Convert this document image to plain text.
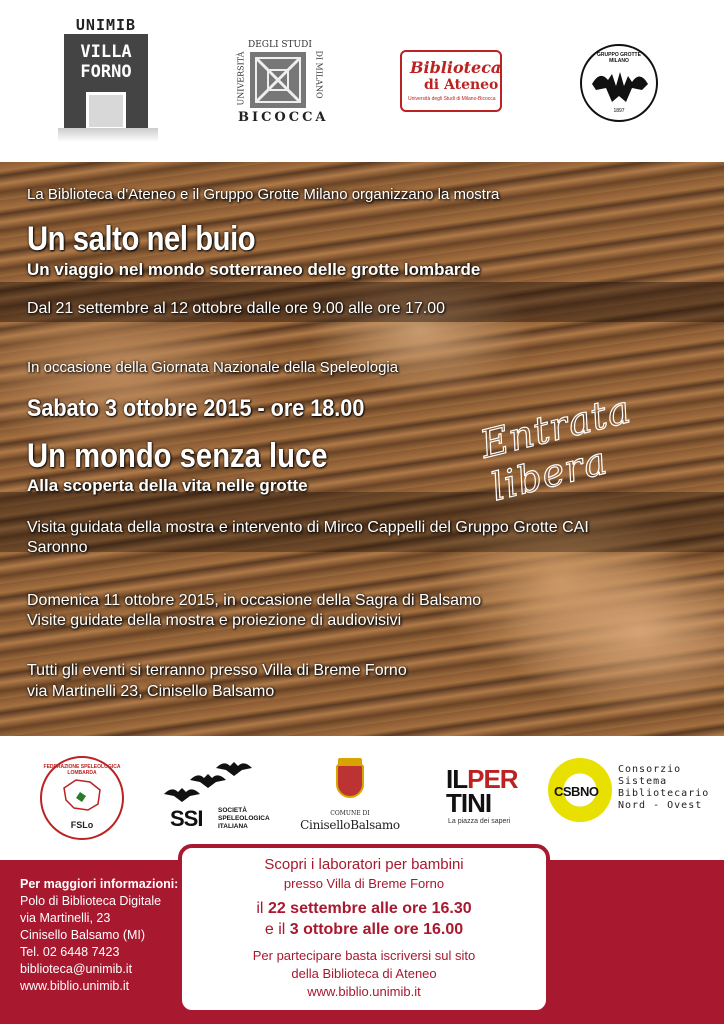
UNIMIB
VILLA
FORNO
DEGLI STUDI
UNIVERSITÀ	DI MILANO
BICOCCA
Biblioteca
di Ateneo
Università degli Studi di Milano-Bicocca
GRUPPO GROTTE MILANO
1897
La Biblioteca d'Ateneo e il Gruppo Grotte Milano organizzano la mostra
Un salto nel buio
Un viaggio nel mondo sotterraneo delle grotte lombarde
Dal 21 settembre al 12 ottobre dalle ore 9.00 alle ore 17.00
In occasione della Giornata Nazionale della Speleologia
Sabato 3 ottobre 2015 - ore 18.00
Un mondo senza luce
Alla scoperta della vita nelle grotte
Visita guidata della mostra e intervento di Mirco Cappelli del Gruppo Grotte CAI
Saronno
Domenica 11 ottobre 2015, in occasione della Sagra di Balsamo
Visite guidate della mostra e proiezione di audiovisivi
Tutti gli eventi si terranno presso Villa di Breme Forno
via Martinelli 23, Cinisello Balsamo
Entrata libera
FEDERAZIONE SPELEOLOGICA LOMBARDA
FSLo	SSI SOCIETÀ
SPELEOLOGICA
ITALIANA
COMUNE DI
CiniselloBalsamo
ILPER
TINI
La piazza dei saperi
CSBNO
Consorzio
Sistema
Bibliotecario
Nord - Ovest
Per maggiori informazioni:
Polo di Biblioteca Digitale
via Martinelli, 23
Cinisello Balsamo (MI)
Tel. 02 6448 7423
biblioteca@unimib.it
www.biblio.unimib.it
Scopri i laboratori per bambini
presso Villa di Breme Forno
il 22 settembre alle ore 16.30
e il 3 ottobre alle ore 16.00
Per partecipare basta iscriversi sul sito
della Biblioteca di Ateneo
www.biblio.unimib.it
